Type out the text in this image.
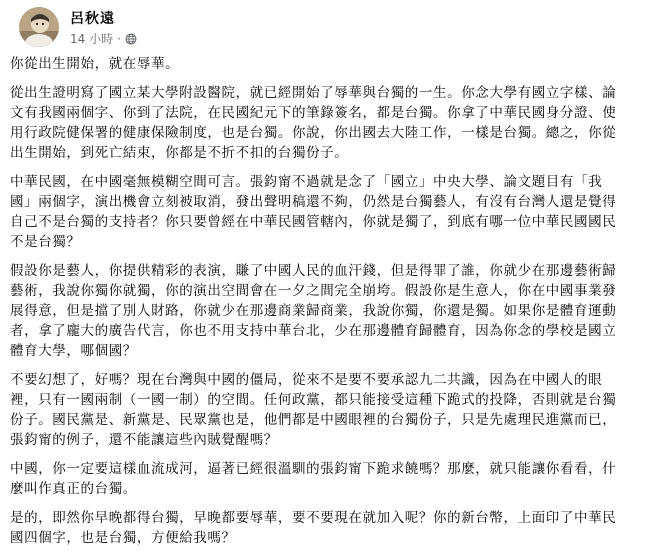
呂秋遠
14 小時 ·

你從出生開始，就在辱華。

從出生證明寫了國立某大學附設醫院，就已經開始了辱華與台獨的一生。你念大學有國立字樣、論
文有我國兩個字、你到了法院，在民國紀元下的筆錄簽名，都是台獨。你拿了中華民國身分證、使
用行政院健保署的健康保險制度，也是台獨。你說，你出國去大陸工作，一樣是台獨。總之，你從
出生開始，到死亡結束，你都是不折不扣的台獨份子。

中華民國，在中國毫無模糊空間可言。張鈞甯不過就是念了「國立」中央大學、論文題目有「我
國」兩個字，演出機會立刻被取消，發出聲明稿還不夠，仍然是台獨藝人，有沒有台灣人還是覺得
自己不是台獨的支持者？你只要曾經在中華民國管轄內，你就是獨了，到底有哪一位中華民國國民
不是台獨？

假設你是藝人，你提供精彩的表演，賺了中國人民的血汗錢，但是得罪了誰，你就少在那邊藝術歸
藝術，我說你獨你就獨，你的演出空間會在一夕之間完全崩垮。假設你是生意人，你在中國事業發
展得意，但是擋了別人財路，你就少在那邊商業歸商業，我說你獨，你還是獨。如果你是體育運動
者，拿了龐大的廣告代言，你也不用支持中華台北，少在那邊體育歸體育，因為你念的學校是國立
體育大學，哪個國？

不要幻想了，好嗎？現在台灣與中國的僵局，從來不是要不要承認九二共識，因為在中國人的眼
裡，只有一國兩制（一國一制）的空間。任何政黨，都只能接受這種下跪式的投降，否則就是台獨
份子。國民黨是、新黨是、民眾黨也是，他們都是中國眼裡的台獨份子，只是先處理民進黨而已，
張鈞甯的例子，還不能讓這些內賊覺醒嗎？

中國，你一定要這樣血流成河，逼著已經很溫馴的張鈞甯下跪求饒嗎？那麼，就只能讓你看看，什
麼叫作真正的台獨。

是的，即然你早晚都得台獨，早晚都要辱華，要不要現在就加入呢？你的新台幣，上面印了中華民
國四個字，也是台獨，方便給我嗎？
